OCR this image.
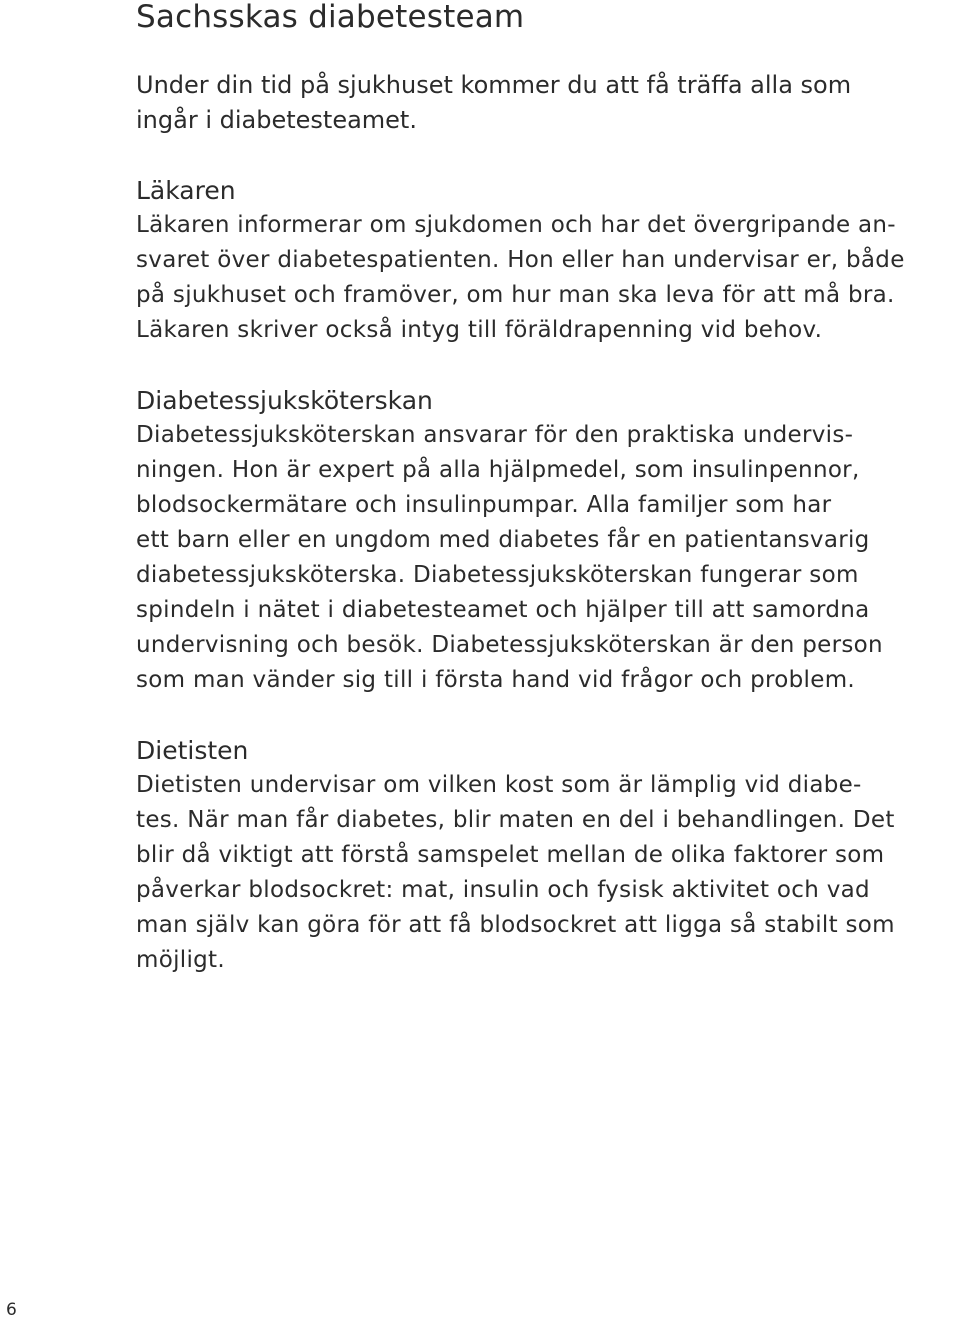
Sachsskas diabetesteam

Under din tid på sjukhuset kommer du att få träffa alla som
ingår i diabetesteamet.

Läkaren

Läkaren informerar om sjukdomen och har det övergripande an-
svaret över diabetespatienten. Hon eller han undervisar er, både
på sjukhuset och framöver, om hur man ska leva för att må bra.
Läkaren skriver också intyg till föräldrapenning vid behov.

Diabetessjuksköterskan

Diabetessjuksköterskan ansvarar för den praktiska undervis-
ningen. Hon är expert på alla hjälpmedel, som insulinpennor,
blodsockermätare och insulinpumpar. Alla familjer som har
ett barn eller en ungdom med diabetes får en patientansvarig
diabetessjuksköterska. Diabetessjuksköterskan fungerar som
spindeln i nätet i diabetesteamet och hjälper till att samordna
undervisning och besök. Diabetessjuksköterskan är den person
som man vänder sig till i första hand vid frågor och problem.

Dietisten

Dietisten undervisar om vilken kost som är lämplig vid diabe-
tes. När man får diabetes, blir maten en del i behandlingen. Det
blir då viktigt att förstå samspelet mellan de olika faktorer som
påverkar blodsockret: mat, insulin och fysisk aktivitet och vad
man själv kan göra för att få blodsockret att ligga så stabilt som
möjligt.

6
